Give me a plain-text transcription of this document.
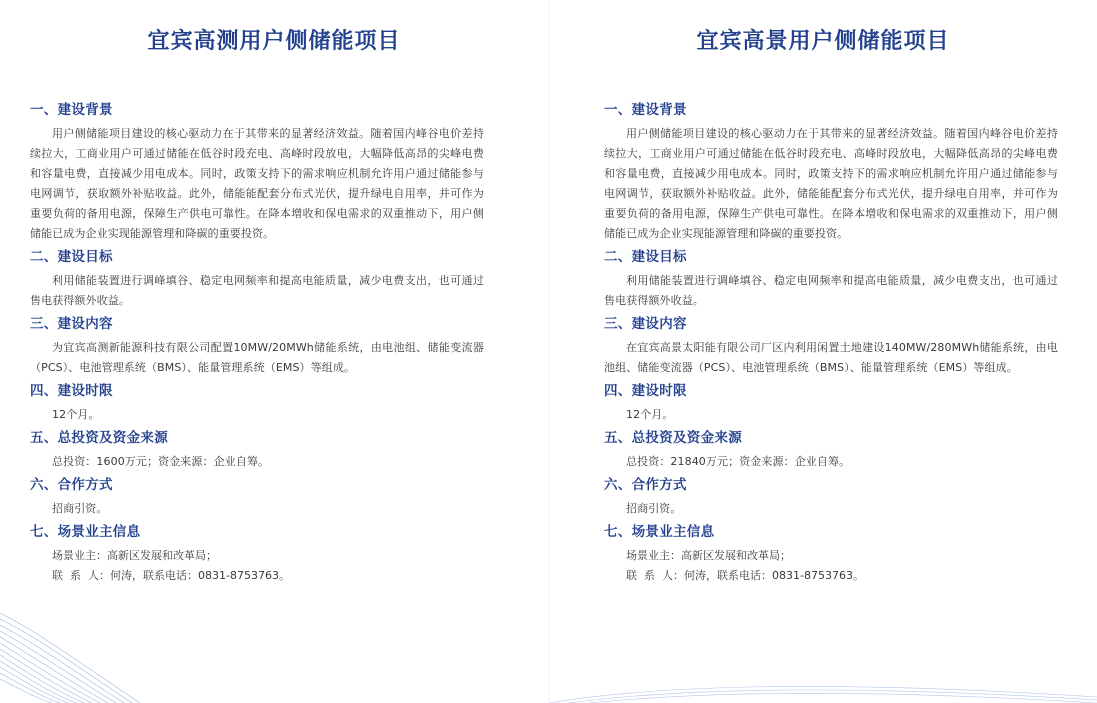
宜宾高测用户侧储能项目
一、建设背景

用户侧储能项目建设的核心驱动力在于其带来的显著经济效益。随着国内峰谷电价差持续拉大，工商业用户可通过储能在低谷时段充电、高峰时段放电，大幅降低高昂的尖峰电费和容量电费，直接减少用电成本。同时，政策支持下的需求响应机制允许用户通过储能参与电网调节，获取额外补贴收益。此外，储能能配套分布式光伏，提升绿电自用率，并可作为重要负荷的备用电源，保障生产供电可靠性。在降本增收和保电需求的双重推动下，用户侧储能已成为企业实现能源管理和降碳的重要投资。

二、建设目标

利用储能装置进行调峰填谷、稳定电网频率和提高电能质量，减少电费支出，也可通过售电获得额外收益。

三、建设内容

为宜宾高测新能源科技有限公司配置10MW/20MWh储能系统，由电池组、储能变流器（PCS）、电池管理系统（BMS）、能量管理系统（EMS）等组成。

四、建设时限

12个月。

五、总投资及资金来源

总投资：1600万元；资金来源：企业自筹。

六、合作方式

招商引资。

七、场景业主信息

场景业主：高新区发展和改革局；

联  系  人：何涛，联系电话：0831-8753763。

宜宾高景用户侧储能项目
一、建设背景

用户侧储能项目建设的核心驱动力在于其带来的显著经济效益。随着国内峰谷电价差持续拉大，工商业用户可通过储能在低谷时段充电、高峰时段放电，大幅降低高昂的尖峰电费和容量电费，直接减少用电成本。同时，政策支持下的需求响应机制允许用户通过储能参与电网调节，获取额外补贴收益。此外，储能能配套分布式光伏，提升绿电自用率，并可作为重要负荷的备用电源，保障生产供电可靠性。在降本增收和保电需求的双重推动下，用户侧储能已成为企业实现能源管理和降碳的重要投资。

二、建设目标

利用储能装置进行调峰填谷、稳定电网频率和提高电能质量，减少电费支出，也可通过售电获得额外收益。

三、建设内容

在宜宾高景太阳能有限公司厂区内利用闲置土地建设140MW/280MWh储能系统，由电池组、储能变流器（PCS）、电池管理系统（BMS）、能量管理系统（EMS）等组成。

四、建设时限

12个月。

五、总投资及资金来源

总投资：21840万元；资金来源：企业自筹。

六、合作方式

招商引资。

七、场景业主信息

场景业主：高新区发展和改革局；

联  系  人：何涛，联系电话：0831-8753763。
